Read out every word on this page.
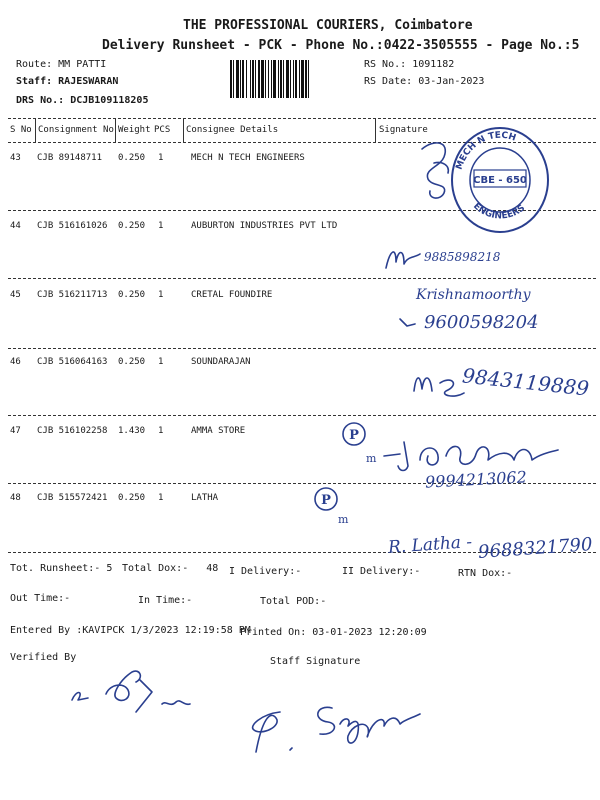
THE PROFESSIONAL COURIERS, Coimbatore
Delivery Runsheet - PCK - Phone No.:0422-3505555 - Page No.:5
Route: MM PATTI
Staff: RAJESWARAN
DRS No.: DCJB109118205
RS No.: 1091182
RS Date: 03-Jan-2023
S No Consignment No Weight PCS Consignee Details	Signature
43 CJB 89148711 0.250 1	MECH N TECH ENGINEERS
44 CJB 516161026 0.250 1	AUBURTON INDUSTRIES PVT LTD
45 CJB 516211713 0.250 1	CRETAL FOUNDIRE
46 CJB 516064163 0.250 1	SOUNDARAJAN
47 CJB 516102258 1.430 1	AMMA STORE
48 CJB 515572421 0.250 1	LATHA
MECH N TECH
ENGINEERS
CBE - 650
9885898218
Krishnamoorthy
9600598204
9843119889
P
m
9994213062
P
m
R. Latha - 9688321790
Tot. Runsheet:- 5 Total Dox:- 48 I Delivery:-	II Delivery:-	RTN Dox:-
Out Time:-	In Time:-	Total POD:-
Entered By :KAVIPCK 1/3/2023 12:19:58 PM
Printed On: 03-01-2023 12:20:09
Verified By	Staff Signature
